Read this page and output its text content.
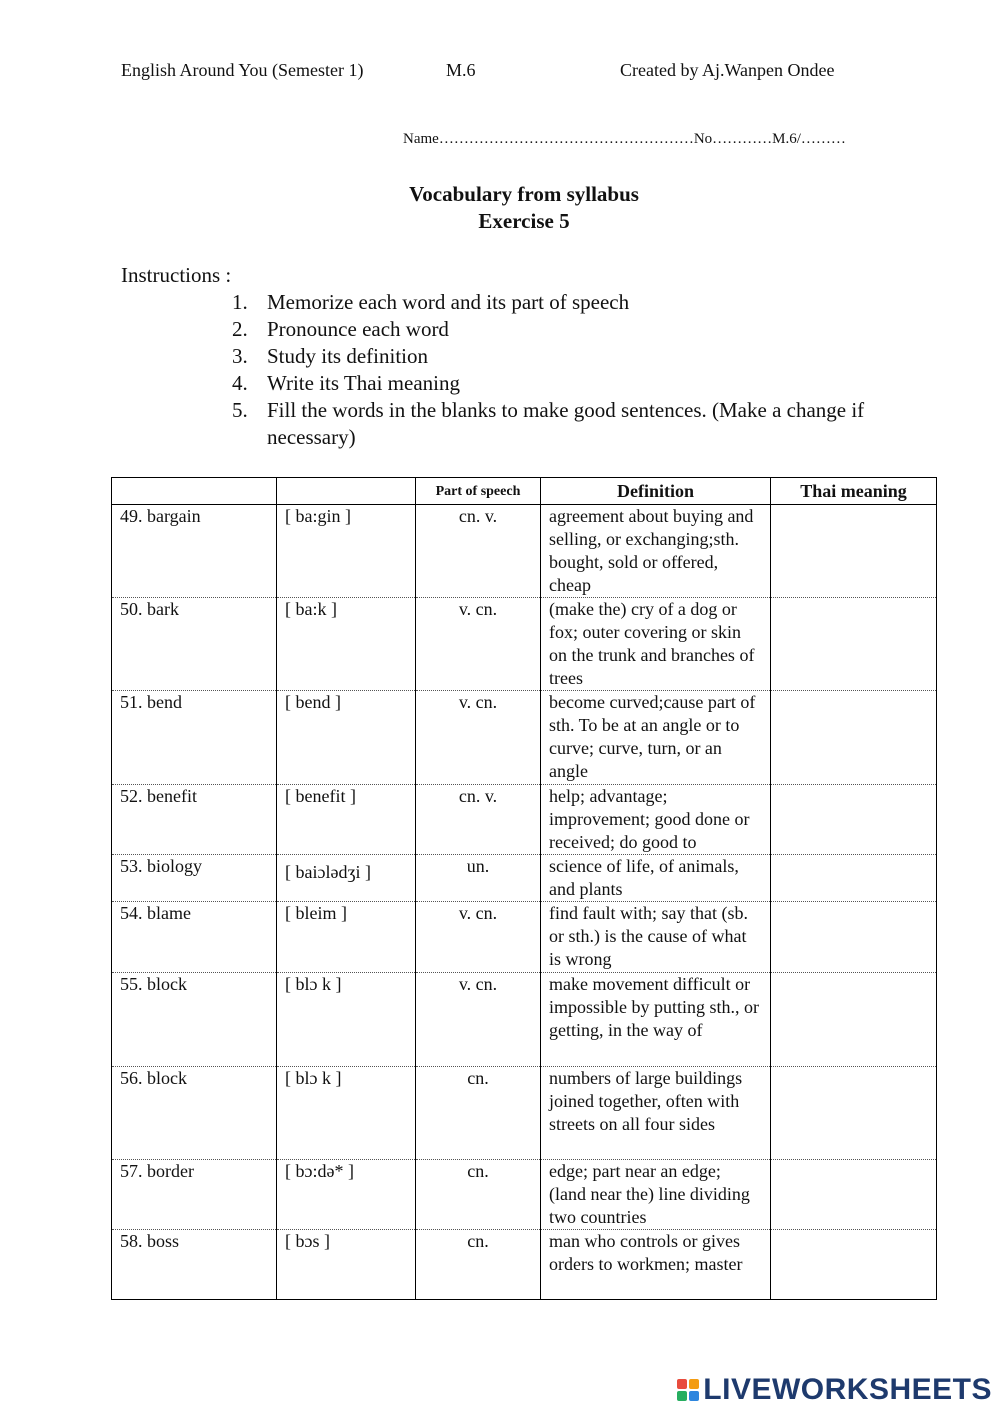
English Around You (Semester 1)	M.6	Created by Aj.Wanpen Ondee
Name……………………………………………No…………M.6/………
Vocabulary from syllabus
Exercise 5
Instructions :
1. Memorize each word and its part of speech
2. Pronounce each word
3. Study its definition
4. Write its Thai meaning
5. Fill the words in the blanks to make good sentences. (Make a change if necessary)
		Part of speech	Definition	Thai meaning
49. bargain	[ ba:gin ]	cn. v.	agreement about buying and selling, or exchanging;sth. bought, sold or offered, cheap	
50. bark	[ ba:k ]	v. cn.	(make the) cry of a dog or fox; outer covering or skin on the trunk and branches of trees	
51. bend	[ bend ]	v. cn.	become curved;cause part of sth. To be at an angle or to curve; curve, turn, or an angle	
52. benefit	[ benefit ]	cn. v.	help; advantage; improvement; good done or received; do good to	
53. biology	[ baiɔlədʒi ]	un.	science of life, of animals, and plants	
54. blame	[ bleim ]	v. cn.	find fault with; say that (sb. or sth.) is the cause of what is wrong	
55. block	[ blɔ k ]	v. cn.	make movement difficult or impossible by putting sth., or getting, in the way of	
56. block	[ blɔ k ]	cn.	numbers of large buildings joined together, often with streets on all four sides	
57. border	[ bɔ:də* ]	cn.	edge; part near an edge; (land near the) line dividing two countries	
58. boss	[ bɔs ]	cn.	man who controls or gives orders to workmen; master	
LIVEWORKSHEETS
